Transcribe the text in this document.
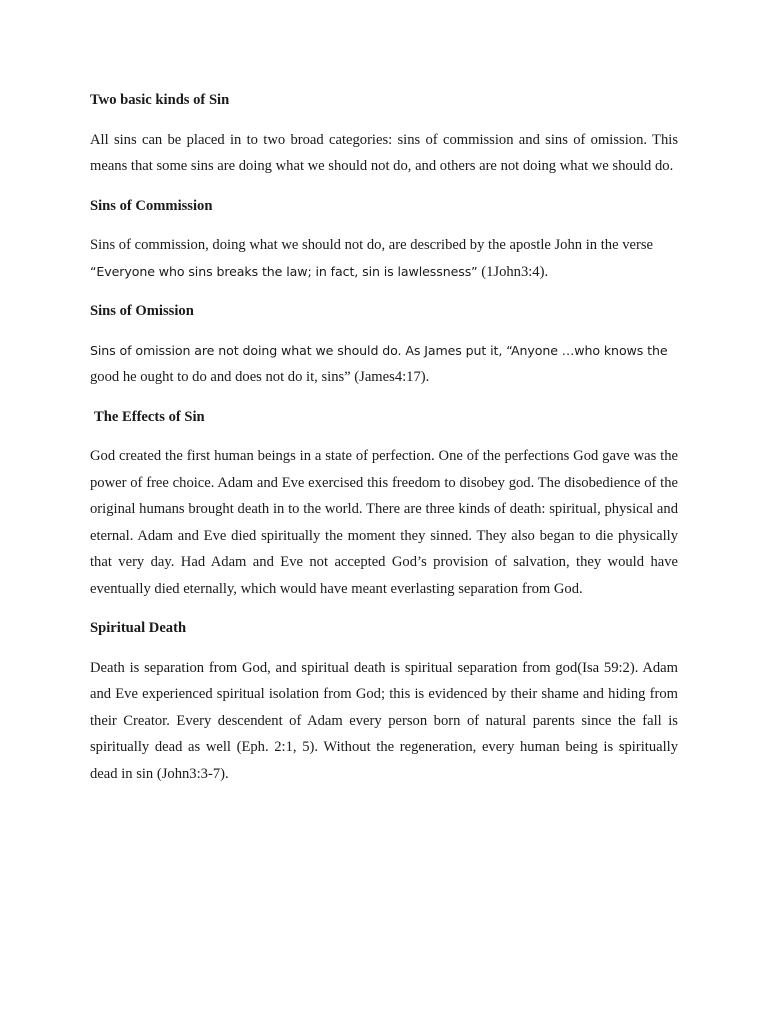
Two basic kinds of Sin

All sins can be placed in to two broad categories: sins of commission and sins of omission. This means that some sins are doing what we should not do, and others are not doing what we should do.

Sins of Commission

Sins of commission, doing what we should not do, are described by the apostle John in the verse “Everyone who sins breaks the law; in fact, sin is lawlessness” (1John3:4).

Sins of Omission

Sins of omission are not doing what we should do. As James put it, “Anyone …who knows the good he ought to do and does not do it, sins” (James4:17).

The Effects of Sin

God created the first human beings in a state of perfection. One of the perfections God gave was the power of free choice. Adam and Eve exercised this freedom to disobey god. The disobedience of the original humans brought death in to the world. There are three kinds of death: spiritual, physical and eternal. Adam and Eve died spiritually the moment they sinned. They also began to die physically that very day. Had Adam and Eve not accepted God’s provision of salvation, they would have eventually died eternally, which would have meant everlasting separation from God.

Spiritual Death

Death is separation from God, and spiritual death is spiritual separation from god(Isa 59:2). Adam and Eve experienced spiritual isolation from God; this is evidenced by their shame and hiding from their Creator. Every descendent of Adam every person born of natural parents since the fall is spiritually dead as well (Eph. 2:1, 5). Without the regeneration, every human being is spiritually dead in sin (John3:3-7).
